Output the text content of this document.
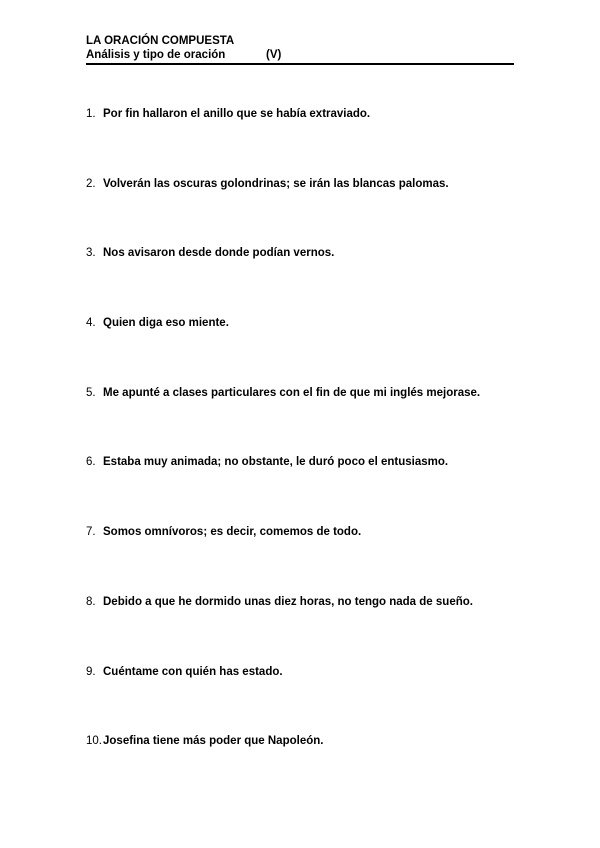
LA ORACIÓN COMPUESTA
Análisis y tipo de oración	(V)
1. Por fin hallaron el anillo que se había extraviado.
2. Volverán las oscuras golondrinas; se irán las blancas palomas.
3. Nos avisaron desde donde podían vernos.
4. Quien diga eso miente.
5. Me apunté a clases particulares con el fin de que mi inglés mejorase.
6. Estaba muy animada; no obstante, le duró poco el entusiasmo.
7. Somos omnívoros; es decir, comemos de todo.
8. Debido a que he dormido unas diez horas, no tengo nada de sueño.
9. Cuéntame con quién has estado.
10. Josefina tiene más poder que Napoleón.
